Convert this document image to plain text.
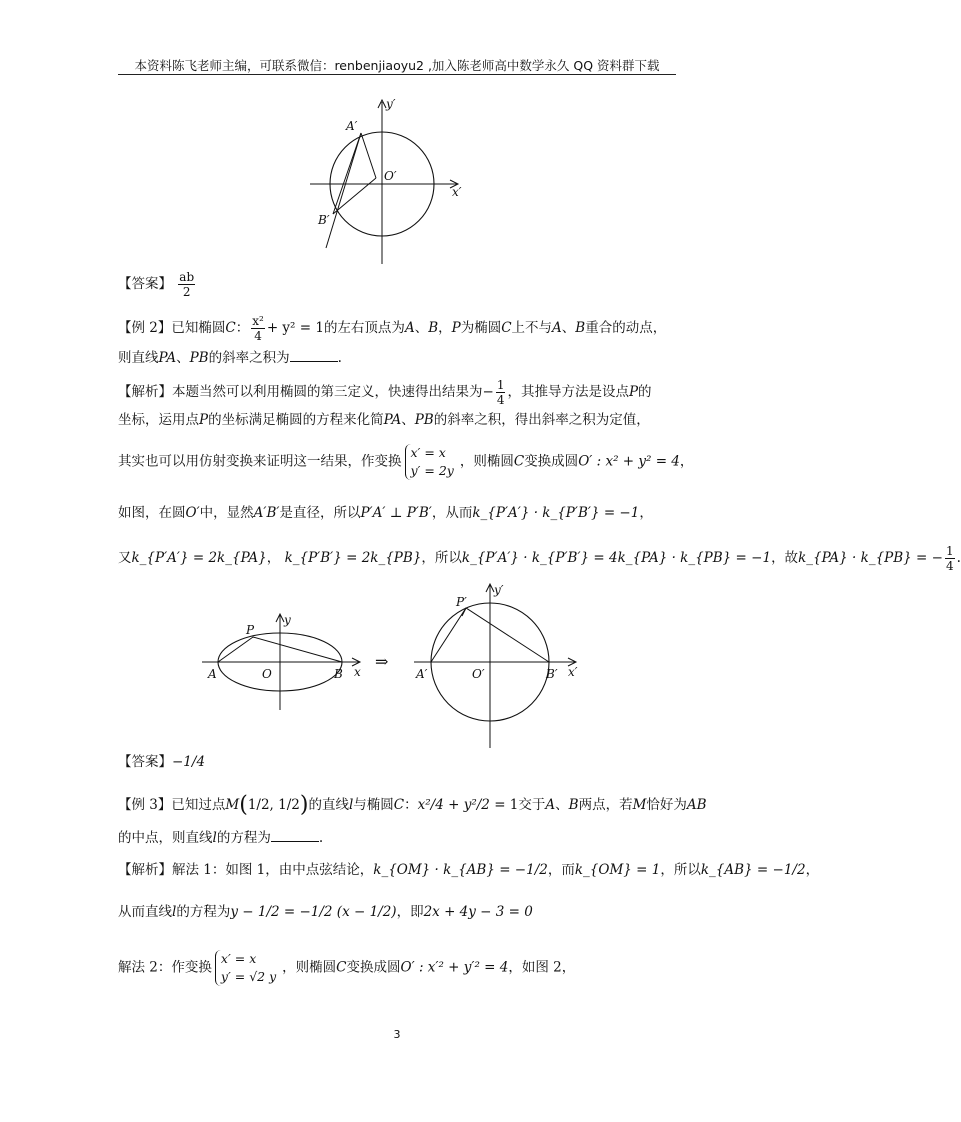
本资料陈飞老师主编，可联系微信：renbenjiaoyu2 ,加入陈老师高中数学永久 QQ 资料群下载
y′
x′
O′
A′
B′
【答案】 $\frac{ab}{2}$
【例 2】已知椭圆C： $\frac{\text{x²}}{4} + y^2 = 1$的左右顶点为A、B，P为椭圆C上不与A、B重合的动点，
则直线PA、PB的斜率之积为	.
【解析】本题当然可以利用椭圆的第三定义，快速得出结果为− $\frac{1}{4}$ ，其推导方法是设点P的
坐标，运用点P的坐标满足椭圆的方程来化简PA、PB的斜率之积，得出斜率之积为定值，
其实也可以用仿射变换来证明这一结果，作变换
x′ = x
y′ = 2y
，则椭圆C变换成圆O′ : x² + y² = 4，
如图，在圆O′中，显然A′B′是直径，所以P′A′ ⊥ P′B′，从而k_{P′A′} · k_{P′B′} = −1，
又k_{P′A′} = 2k_{PA}， k_{P′B′} = 2k_{PB}，所以k_{P′A′} · k_{P′B′} = 4k_{PA} · k_{PB} = −1，故k_{PA} · k_{PB} = − $\frac{1}{4}$ .
P
y
x
A	O	B
⇒
P′
y′
x′
A′	O′	B′
【答案】−1/4
【例 3】已知过点M(1/2, 1/2)的直线l与椭圆C：x²/4 + y²/2 = 1交于A、B两点，若M恰好为AB
的中点，则直线l的方程为	.
【解析】解法 1：如图 1，由中点弦结论，k_{OM} · k_{AB} = −1/2，而k_{OM} = 1，所以k_{AB} = −1/2，
从而直线l的方程为y − 1/2 = −1/2 (x − 1/2)，即2x + 4y − 3 = 0
解法 2：作变换
x′ = x
y′ = √2 y
，则椭圆C变换成圆O′ : x′² + y′² = 4，如图 2，
3
